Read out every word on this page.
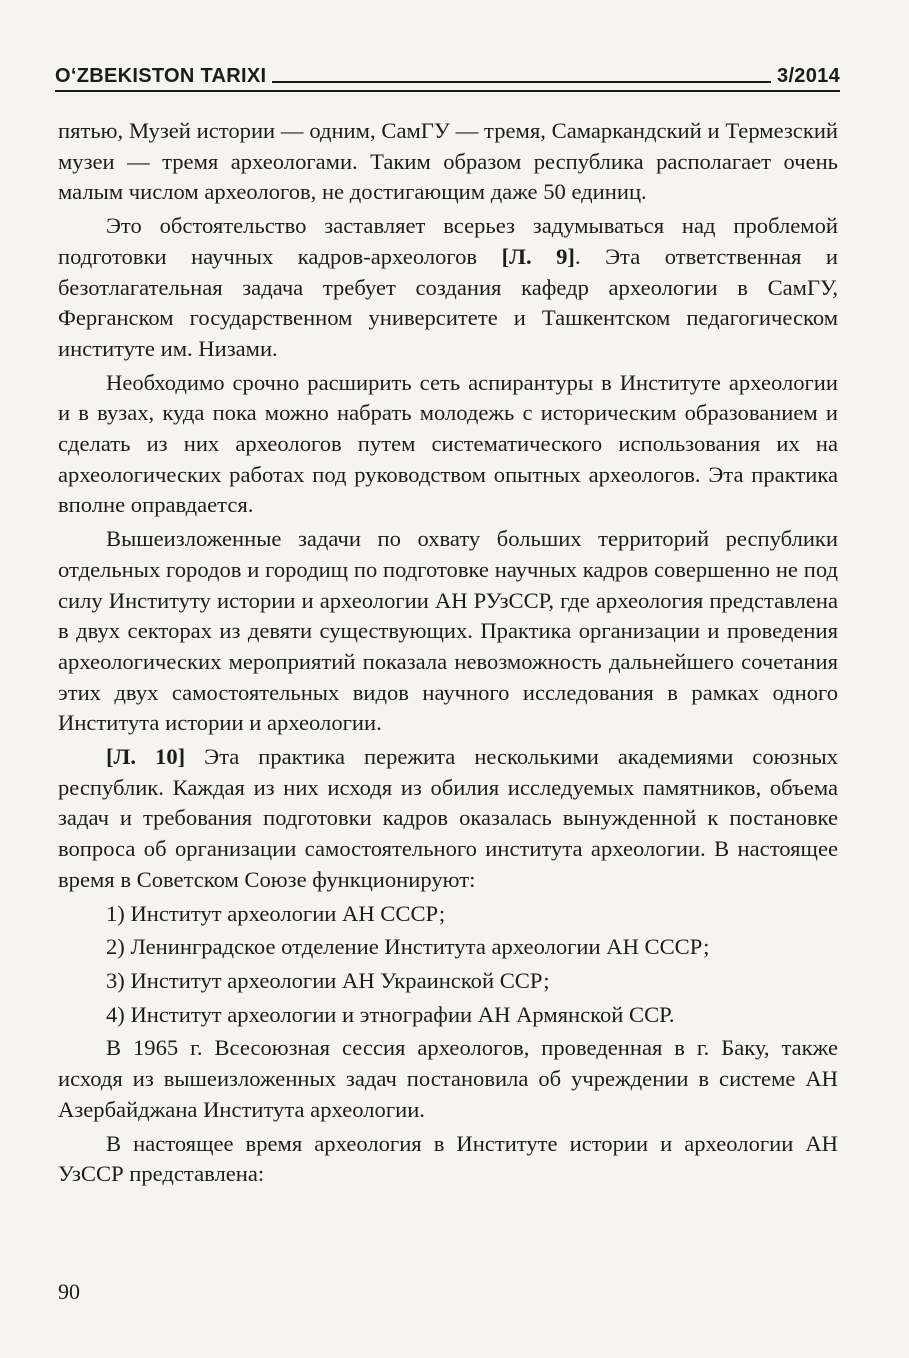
O‘ZBEKISTON TARIXI	3/2014

пятью, Музей истории — одним, СамГУ — тремя, Самаркандский и Термезский музеи — тремя археологами. Таким образом республика располагает очень малым числом археологов, не достигающим даже 50 единиц.

Это обстоятельство заставляет всерьез задумываться над проблемой подготовки научных кадров-археологов [Л. 9]. Эта ответственная и безотлагательная задача требует создания кафедр археологии в СамГУ, Ферганском государственном университете и Ташкентском педагогическом институте им. Низами.

Необходимо срочно расширить сеть аспирантуры в Институте археологии и в вузах, куда пока можно набрать молодежь с историческим образованием и сделать из них археологов путем систематического использования их на археологических работах под руководством опытных археологов. Эта практика вполне оправдается.

Вышеизложенные задачи по охвату больших территорий республики отдельных городов и городищ по подготовке научных кадров совершенно не под силу Институту истории и археологии АН РУзССР, где археология представлена в двух секторах из девяти существующих. Практика организации и проведения археологических мероприятий показала невозможность дальнейшего сочетания этих двух самостоятельных видов научного исследования в рамках одного Института истории и археологии.

[Л. 10] Эта практика пережита несколькими академиями союзных республик. Каждая из них исходя из обилия исследуемых памятников, объема задач и требования подготовки кадров оказалась вынужденной к постановке вопроса об организации самостоятельного института археологии. В настоящее время в Советском Союзе функционируют:

1) Институт археологии АН СССР;

2) Ленинградское отделение Института археологии АН СССР;

3) Институт археологии АН Украинской ССР;

4) Институт археологии и этнографии АН Армянской ССР.

В 1965 г. Всесоюзная сессия археологов, проведенная в г. Баку, также исходя из вышеизложенных задач постановила об учреждении в системе АН Азербайджана Института археологии.

В настоящее время археология в Институте истории и археологии АН УзССР представлена:

90
